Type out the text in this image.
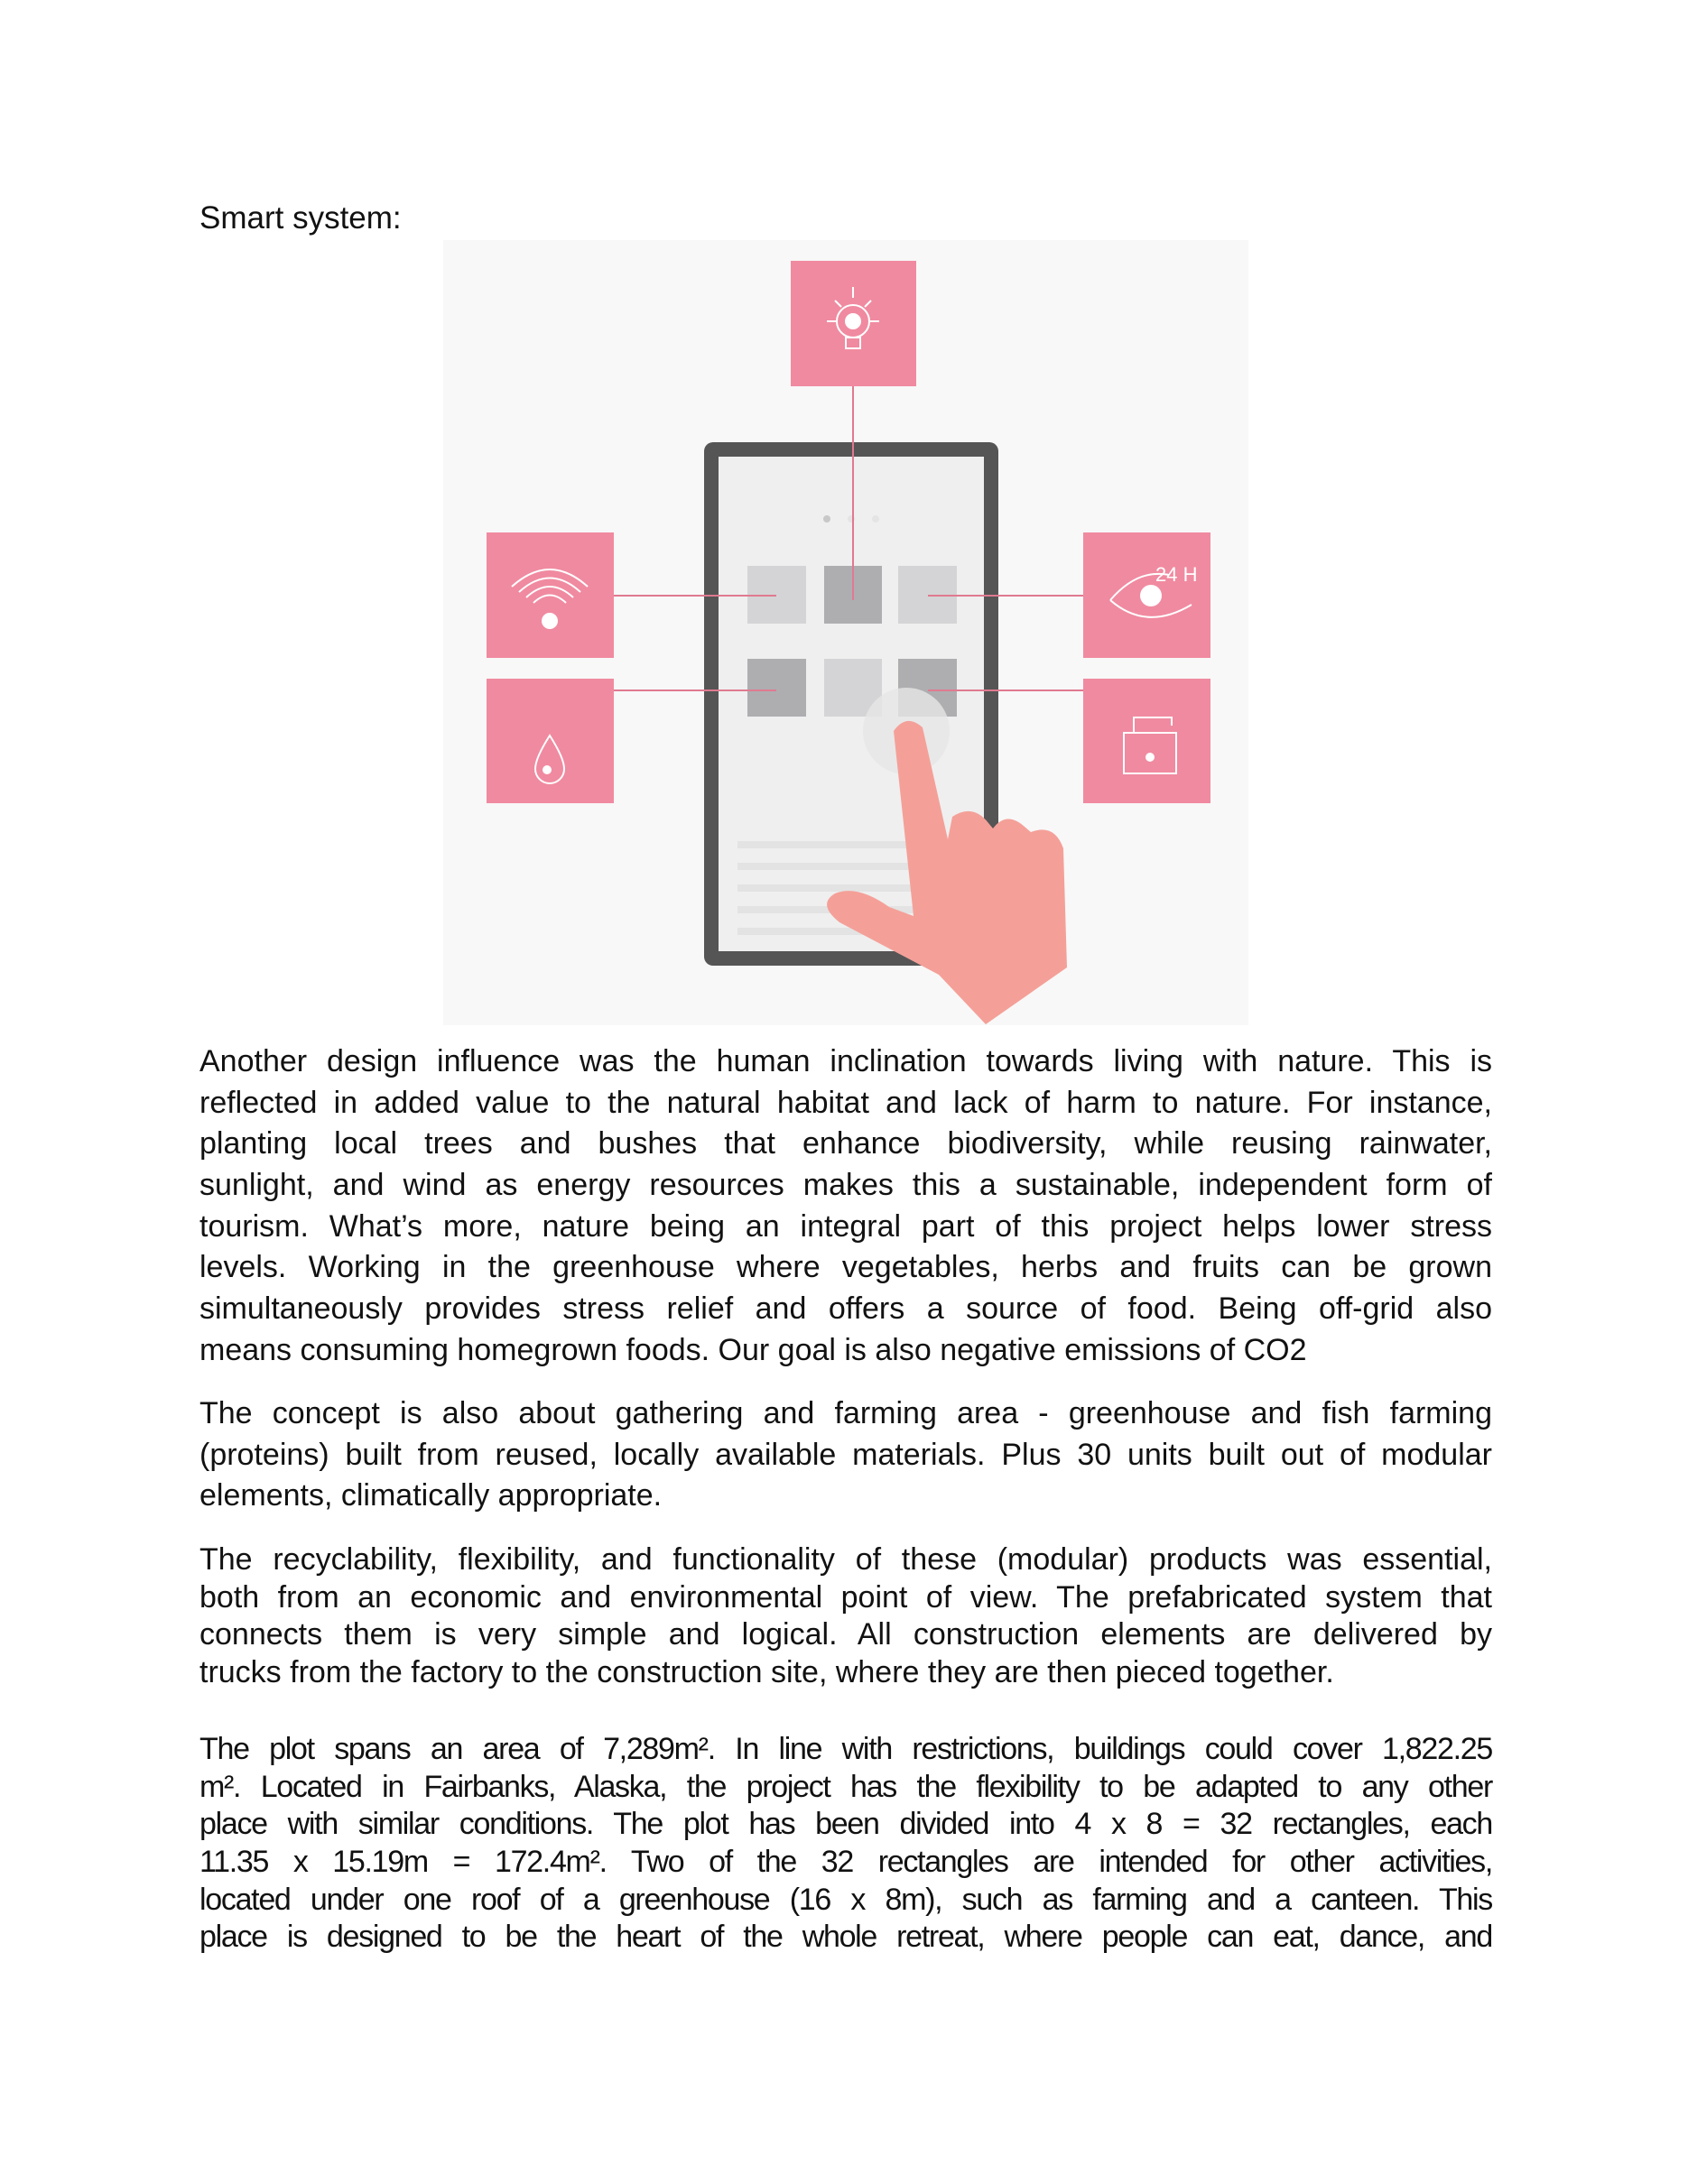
Smart system:
24 H
Another design influence was the human inclination towards living with nature. This is
reflected in added value to the natural habitat and lack of harm to nature. For instance,
planting local trees and bushes that enhance biodiversity, while reusing rainwater,
sunlight, and wind as energy resources makes this a sustainable, independent form of
tourism. What’s more, nature being an integral part of this project helps lower stress
levels. Working in the greenhouse where vegetables, herbs and fruits can be grown
simultaneously provides stress relief and offers a source of food. Being off-grid also
means consuming homegrown foods. Our goal is also negative emissions of CO2
The concept is also about gathering and farming area - greenhouse and fish farming
(proteins) built from reused, locally available materials. Plus 30 units built out of modular
elements, climatically appropriate.
The recyclability, flexibility, and functionality of these (modular) products was essential,
both from an economic and environmental point of view. The prefabricated system that
connects them is very simple and logical. All construction elements are delivered by
trucks from the factory to the construction site, where they are then pieced together.
The plot spans an area of 7,289m². In line with restrictions, buildings could cover 1,822.25
m². Located in Fairbanks, Alaska, the project has the flexibility to be adapted to any other
place with similar conditions. The plot has been divided into 4 x 8 = 32 rectangles, each
11.35 x 15.19m = 172.4m². Two of the 32 rectangles are intended for other activities,
located under one roof of a greenhouse (16 x 8m), such as farming and a canteen. This
place is designed to be the heart of the whole retreat, where people can eat, dance, and
